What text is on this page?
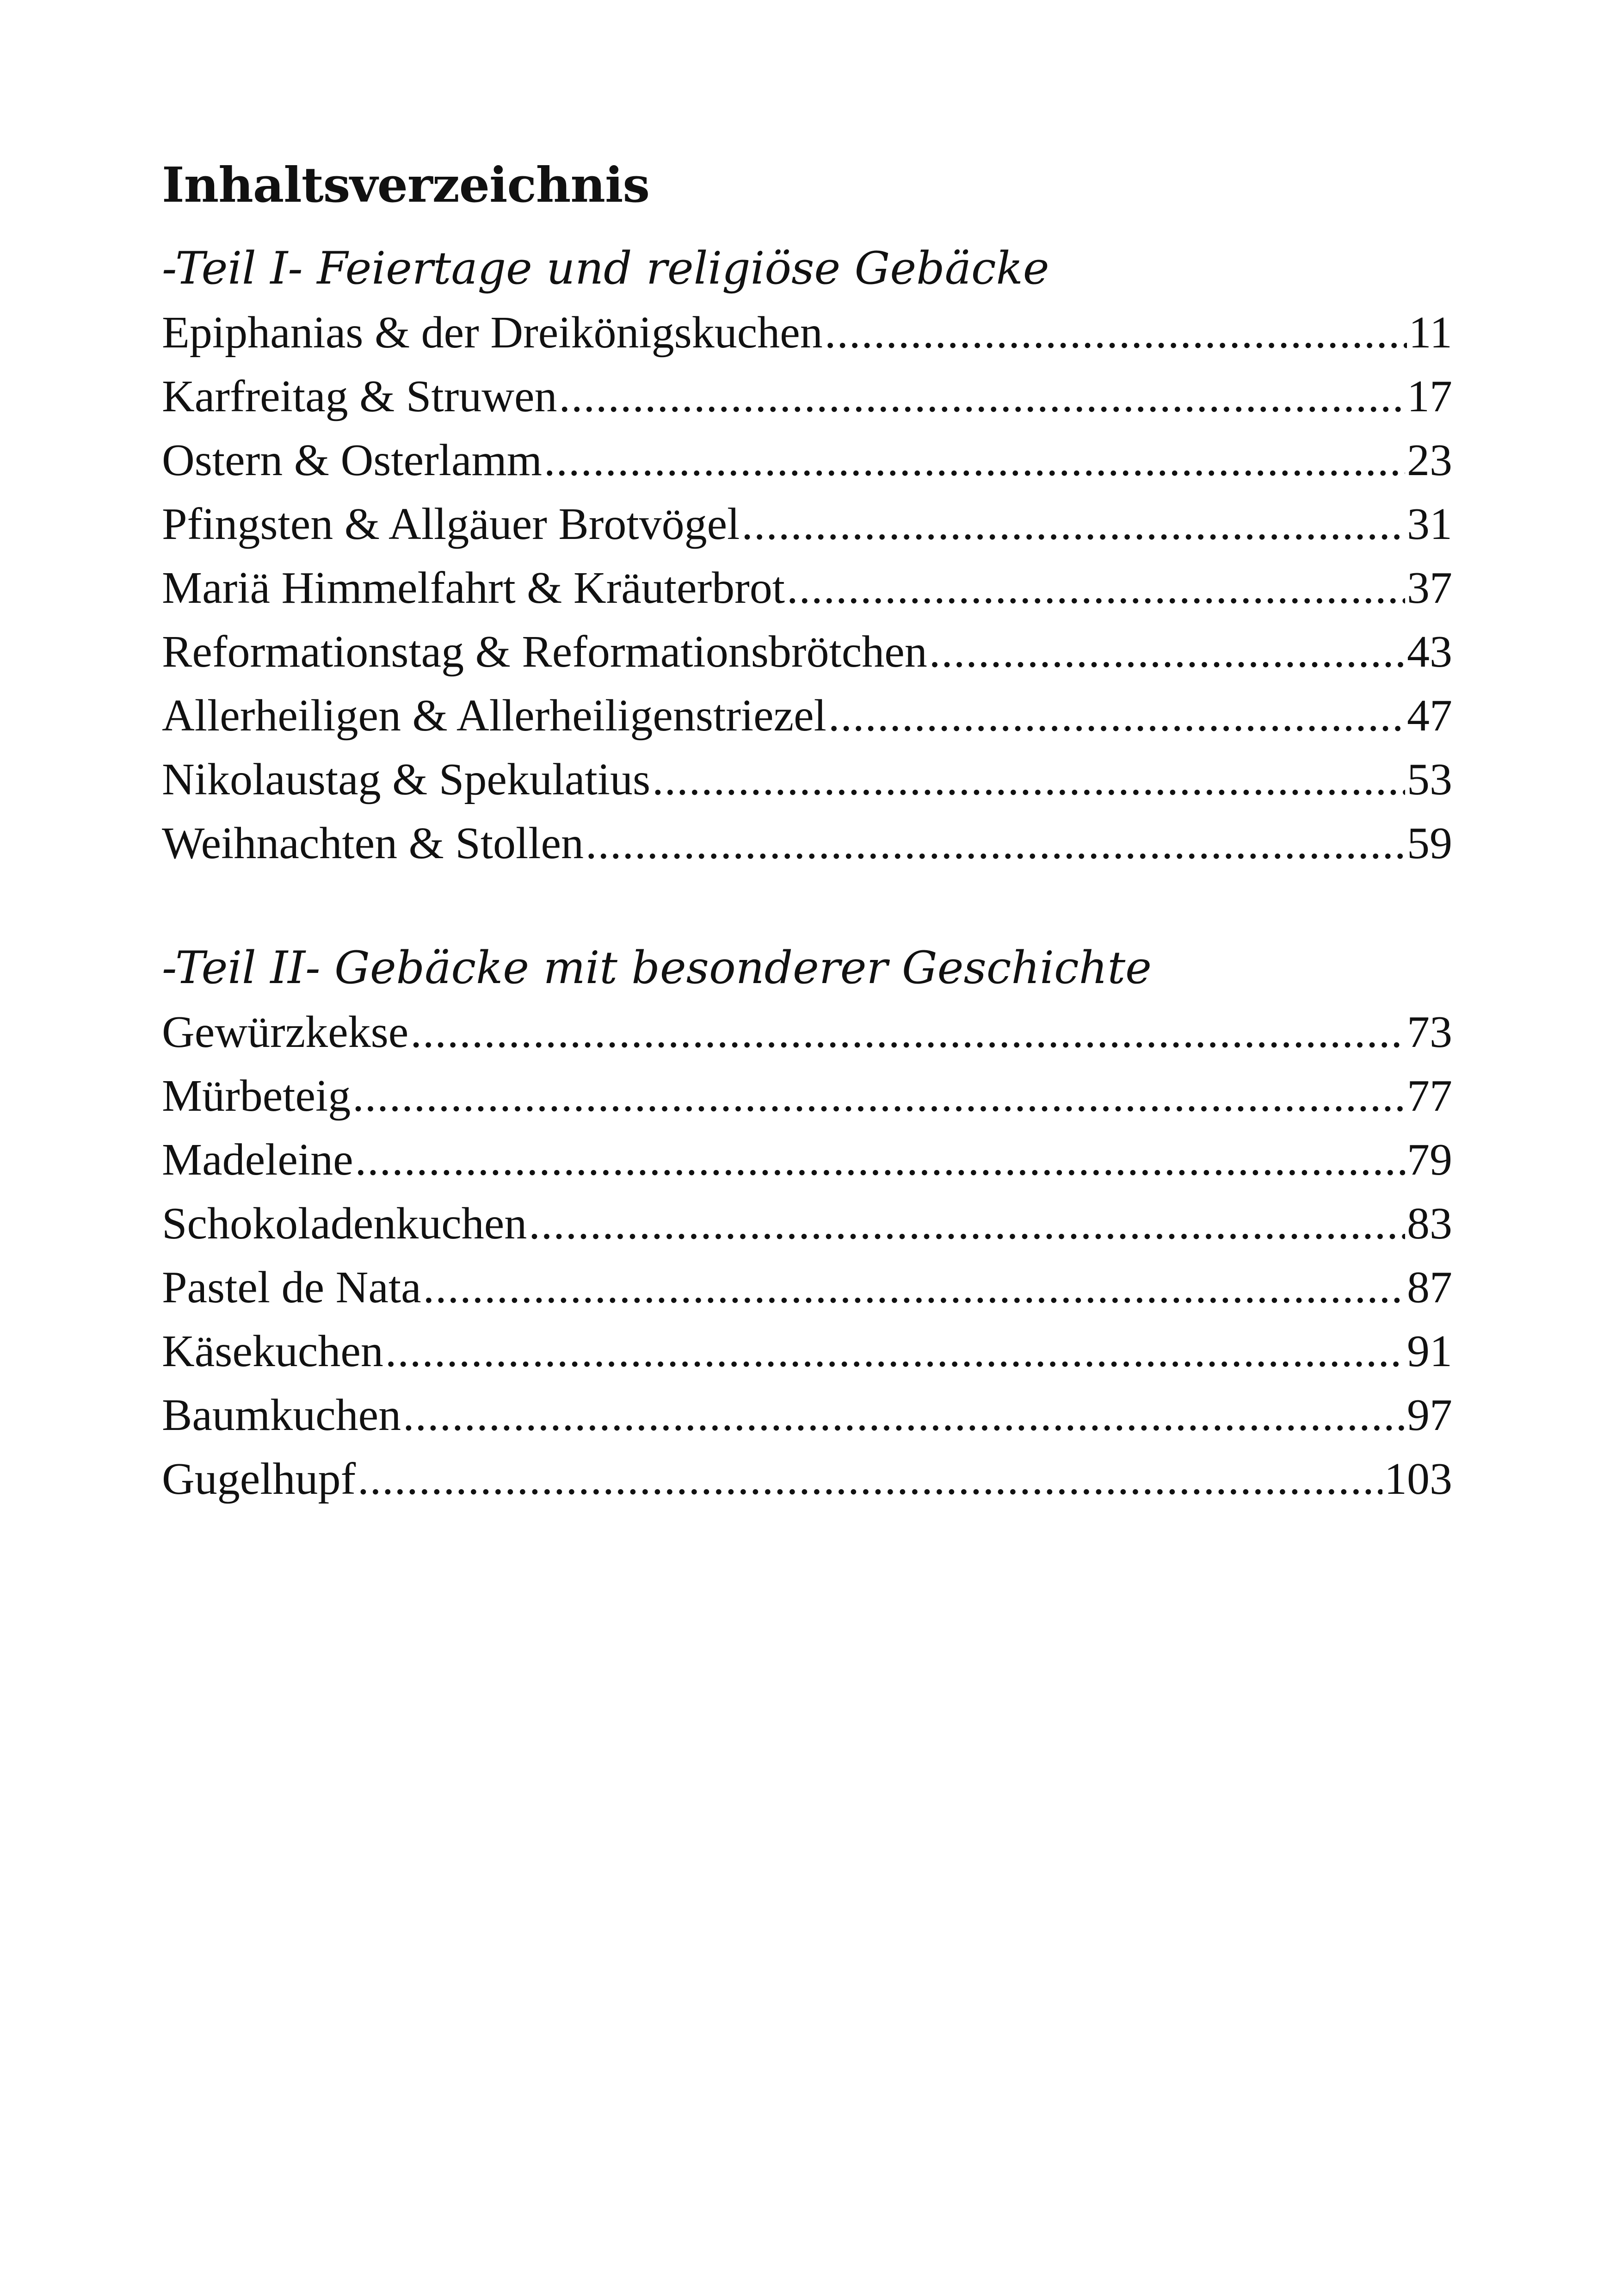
Inhaltsverzeichnis
-Teil I- Feiertage und religiöse Gebäcke
Epiphanias & der Dreikönigskuchen .....	11
Karfreitag & Struwen .....	17
Ostern & Osterlamm .....	23
Pfingsten & Allgäuer Brotvögel .....	31
Mariä Himmelfahrt & Kräuterbrot .....	37
Reformationstag & Reformationsbrötchen .....	43
Allerheiligen & Allerheiligenstriezel .....	47
Nikolaustag & Spekulatius .....	53
Weihnachten & Stollen .....	59
-Teil II- Gebäcke mit besonderer Geschichte
Gewürzkekse .....	73
Mürbeteig .....	77
Madeleine .....	79
Schokoladenkuchen .....	83
Pastel de Nata .....	87
Käsekuchen .....	91
Baumkuchen .....	97
Gugelhupf .....	103
